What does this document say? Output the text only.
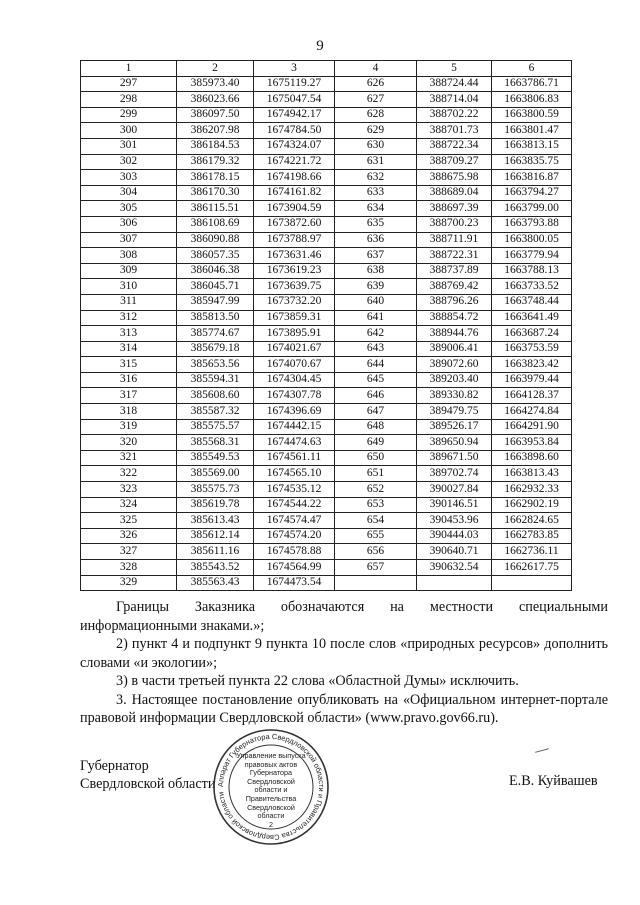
9
1	2	3	4	5	6
297	385973.40	1675119.27	626	388724.44	1663786.71
298	386023.66	1675047.54	627	388714.04	1663806.83
299	386097.50	1674942.17	628	388702.22	1663800.59
300	386207.98	1674784.50	629	388701.73	1663801.47
301	386184.53	1674324.07	630	388722.34	1663813.15
302	386179.32	1674221.72	631	388709.27	1663835.75
303	386178.15	1674198.66	632	388675.98	1663816.87
304	386170.30	1674161.82	633	388689.04	1663794.27
305	386115.51	1673904.59	634	388697.39	1663799.00
306	386108.69	1673872.60	635	388700.23	1663793.88
307	386090.88	1673788.97	636	388711.91	1663800.05
308	386057.35	1673631.46	637	388722.31	1663779.94
309	386046.38	1673619.23	638	388737.89	1663788.13
310	386045.71	1673639.75	639	388769.42	1663733.52
311	385947.99	1673732.20	640	388796.26	1663748.44
312	385813.50	1673859.31	641	388854.72	1663641.49
313	385774.67	1673895.91	642	388944.76	1663687.24
314	385679.18	1674021.67	643	389006.41	1663753.59
315	385653.56	1674070.67	644	389072.60	1663823.42
316	385594.31	1674304.45	645	389203.40	1663979.44
317	385608.60	1674307.78	646	389330.82	1664128.37
318	385587.32	1674396.69	647	389479.75	1664274.84
319	385575.57	1674442.15	648	389526.17	1664291.90
320	385568.31	1674474.63	649	389650.94	1663953.84
321	385549.53	1674561.11	650	389671.50	1663898.60
322	385569.00	1674565.10	651	389702.74	1663813.43
323	385575.73	1674535.12	652	390027.84	1662932.33
324	385619.78	1674544.22	653	390146.51	1662902.19
325	385613.43	1674574.47	654	390453.96	1662824.65
326	385612.14	1674574.20	655	390444.03	1662783.85
327	385611.16	1674578.88	656	390640.71	1662736.11
328	385543.52	1674564.99	657	390632.54	1662617.75
329	385563.43	1674473.54			

Границы Заказника обозначаются на местности специальными информационными знаками.»;

2) пункт 4 и подпункт 9 пункта 10 после слов «природных ресурсов» дополнить словами «и экологии»;

3) в части третьей пункта 22 слова «Областной Думы» исключить.

3. Настоящее постановление опубликовать на «Официальном интернет-портале правовой информации Свердловской области» (www.pravo.gov66.ru).

Губернатор
Свердловской области Аппарат Губернатора Свердловской области и Правительства Свердловской области
Управление выпуска правовых актов Губернатора Свердловской области и Правительства Свердловской области
2
Е.В. Куйвашев
